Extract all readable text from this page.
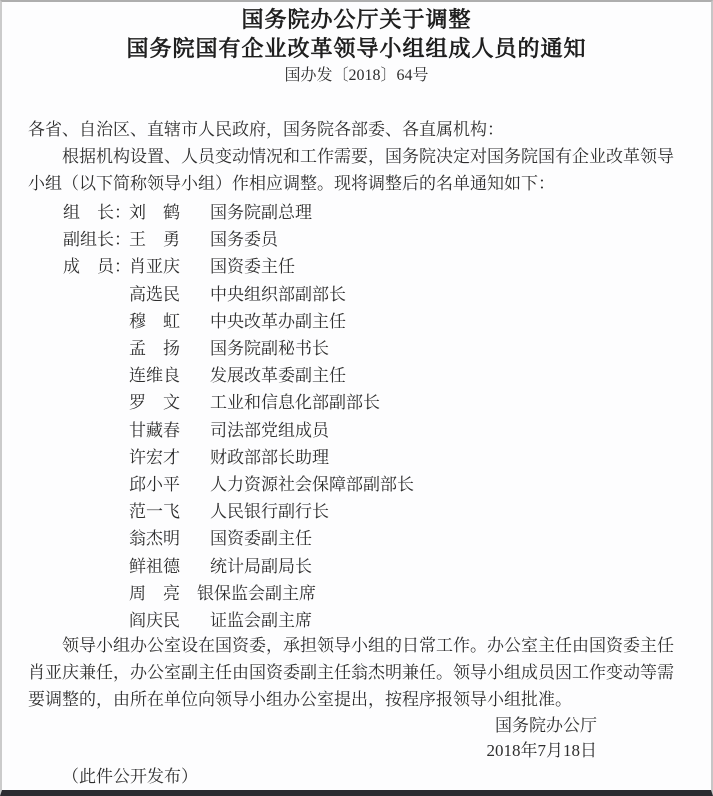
国务院办公厅关于调整
国务院国有企业改革领导小组组成人员的通知
国办发〔2018〕64号

各省、自治区、直辖市人民政府，国务院各部委、各直属机构：

根据机构设置、人员变动情况和工作需要，国务院决定对国务院国有企业改革领导小组（以下简称领导小组）作相应调整。现将调整后的名单通知如下：

组　长：
刘　鹤	国务院副总理
副组长：
王　勇	国务委员
成　员：
肖亚庆	国资委主任
高选民	中央组织部副部长
穆　虹	中央改革办副主任
孟　扬	国务院副秘书长
连维良	发展改革委副主任
罗　文	工业和信息化部副部长
甘藏春	司法部党组成员
许宏才	财政部部长助理
邱小平	人力资源社会保障部副部长
范一飞	人民银行副行长
翁杰明	国资委副主任
鲜祖德	统计局副局长
周　亮	银保监会副主席
阎庆民	证监会副主席

领导小组办公室设在国资委，承担领导小组的日常工作。办公室主任由国资委主任肖亚庆兼任，办公室副主任由国资委副主任翁杰明兼任。领导小组成员因工作变动等需要调整的，由所在单位向领导小组办公室提出，按程序报领导小组批准。

国务院办公厅
2018年7月18日

（此件公开发布）
